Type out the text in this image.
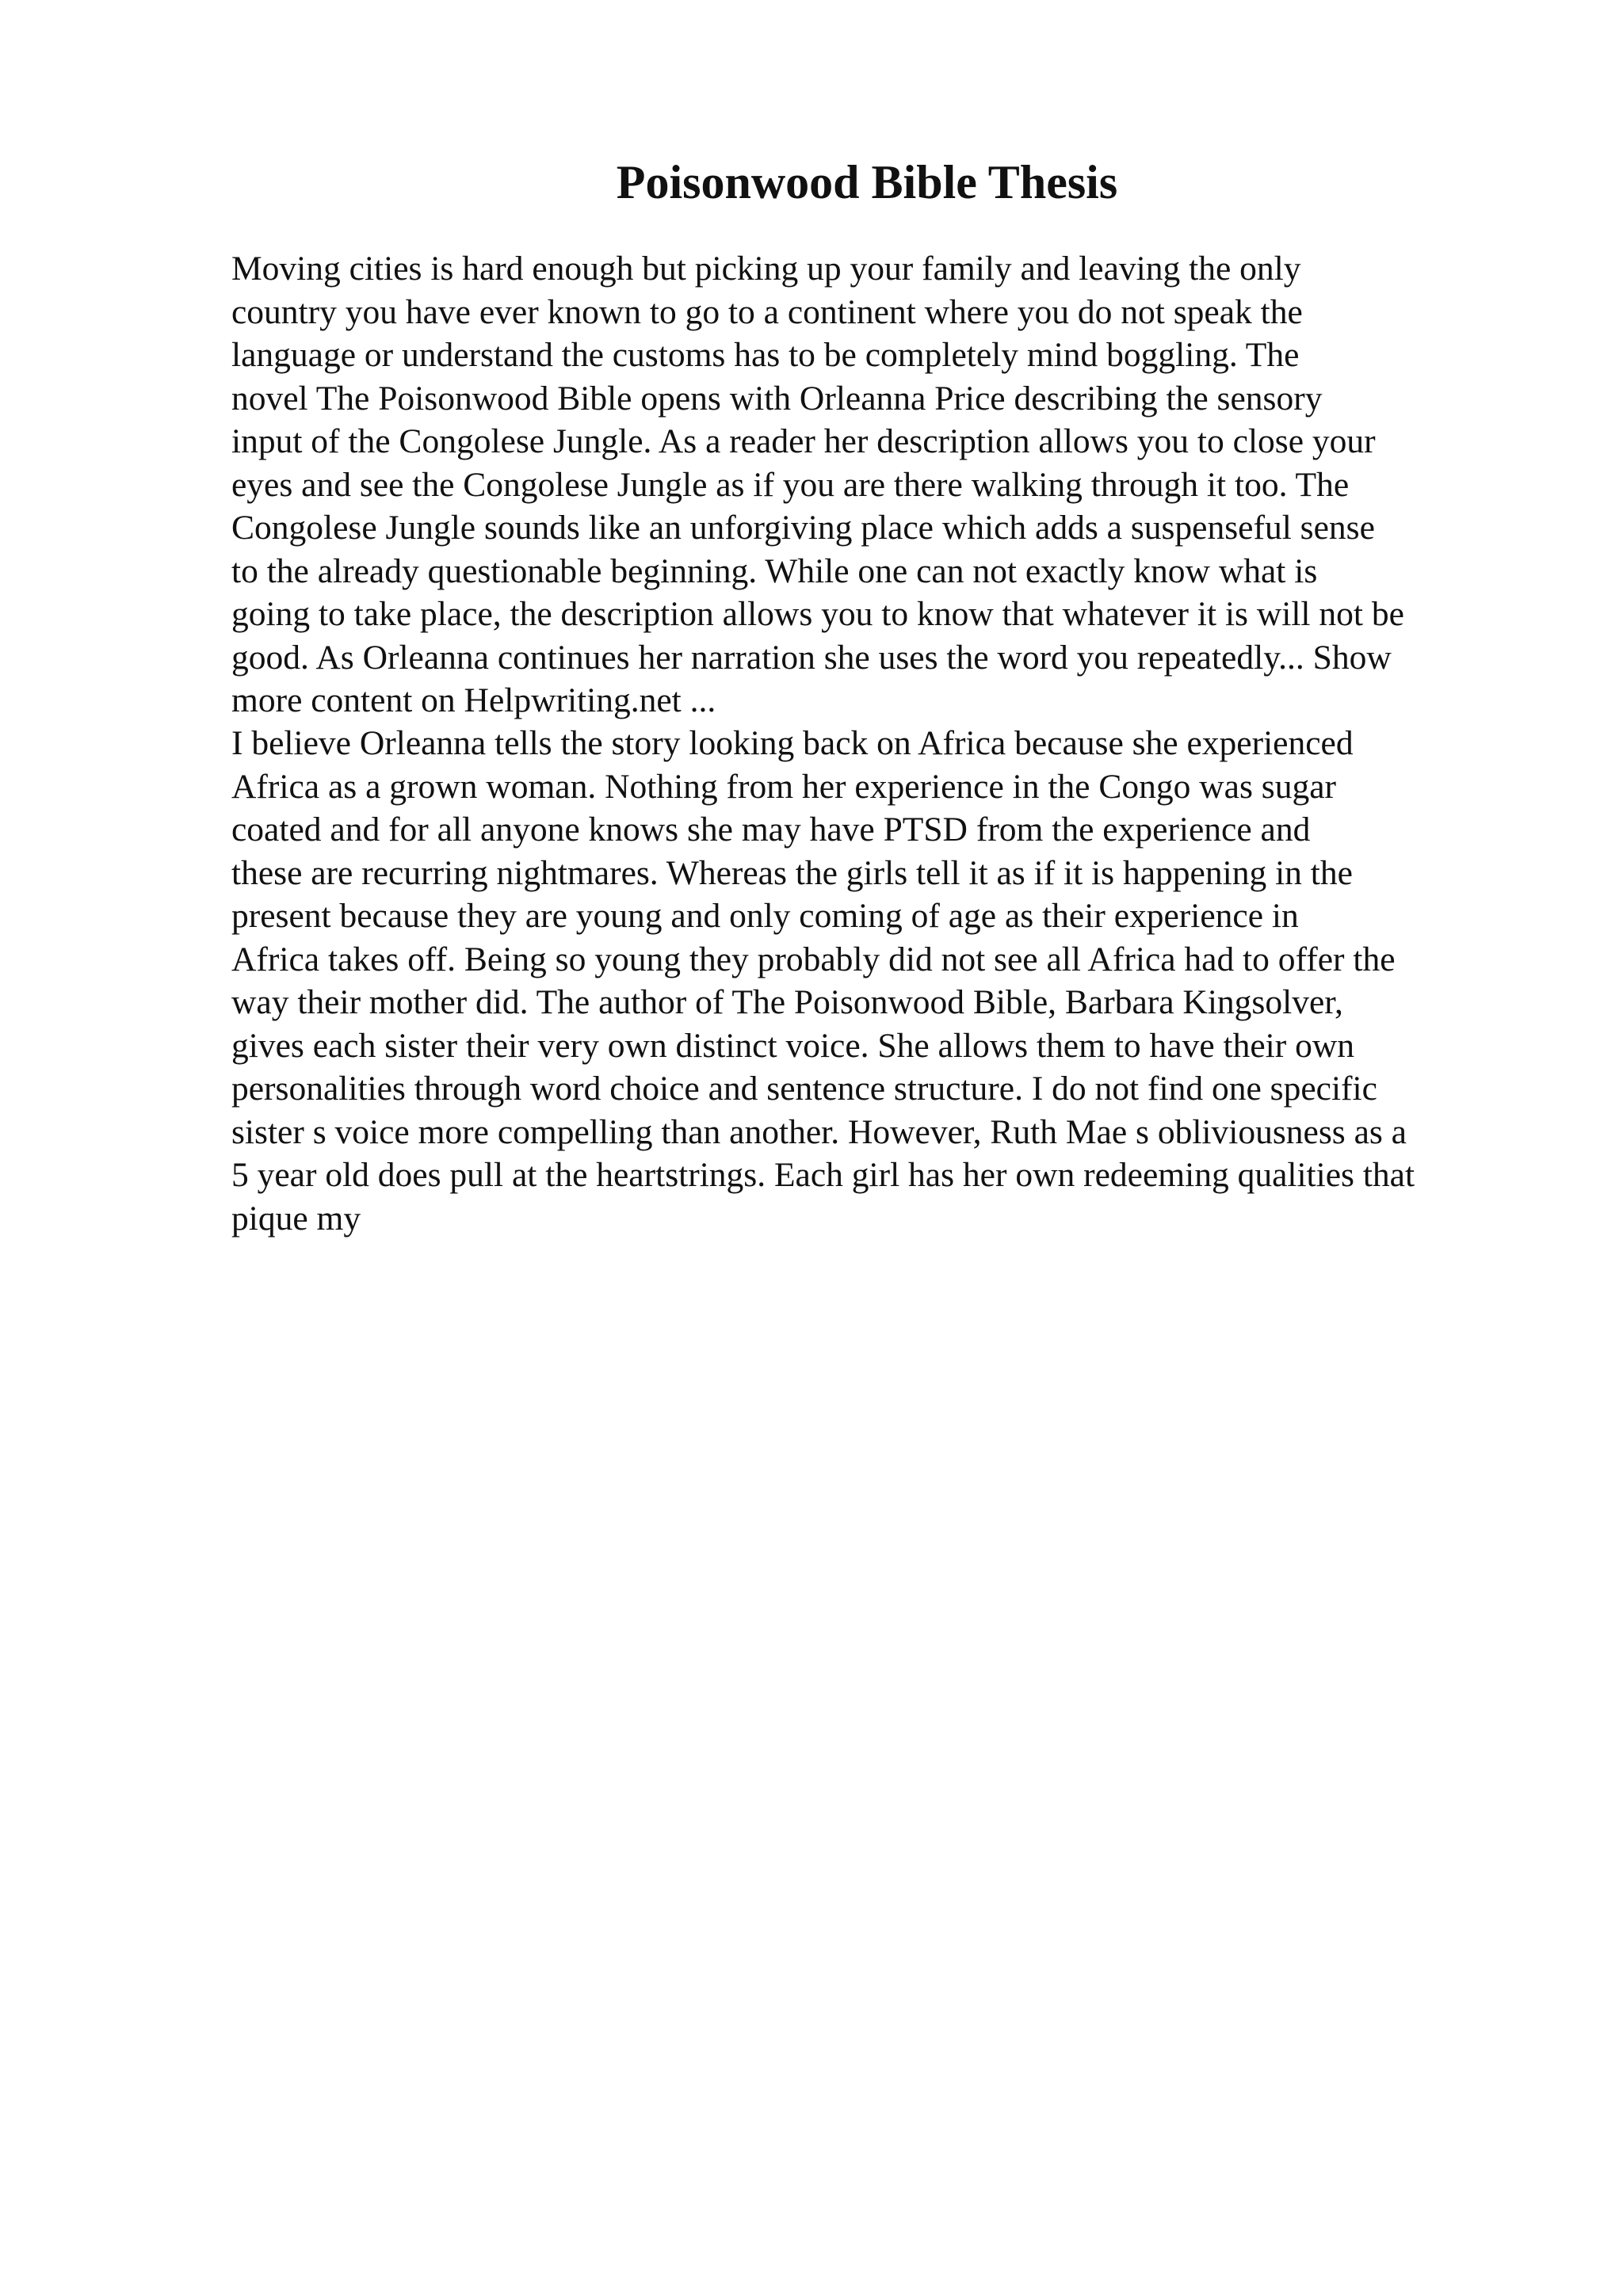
Poisonwood Bible Thesis
Moving cities is hard enough but picking up your family and leaving the only
country you have ever known to go to a continent where you do not speak the
language or understand the customs has to be completely mind boggling. The
novel The Poisonwood Bible opens with Orleanna Price describing the sensory
input of the Congolese Jungle. As a reader her description allows you to close your
eyes and see the Congolese Jungle as if you are there walking through it too. The
Congolese Jungle sounds like an unforgiving place which adds a suspenseful sense
to the already questionable beginning. While one can not exactly know what is
going to take place, the description allows you to know that whatever it is will not be
good. As Orleanna continues her narration she uses the word you repeatedly... Show
more content on Helpwriting.net ...
I believe Orleanna tells the story looking back on Africa because she experienced
Africa as a grown woman. Nothing from her experience in the Congo was sugar
coated and for all anyone knows she may have PTSD from the experience and
these are recurring nightmares. Whereas the girls tell it as if it is happening in the
present because they are young and only coming of age as their experience in
Africa takes off. Being so young they probably did not see all Africa had to offer the
way their mother did. The author of The Poisonwood Bible, Barbara Kingsolver,
gives each sister their very own distinct voice. She allows them to have their own
personalities through word choice and sentence structure. I do not find one specific
sister s voice more compelling than another. However, Ruth Mae s obliviousness as a
5 year old does pull at the heartstrings. Each girl has her own redeeming qualities that
pique my
